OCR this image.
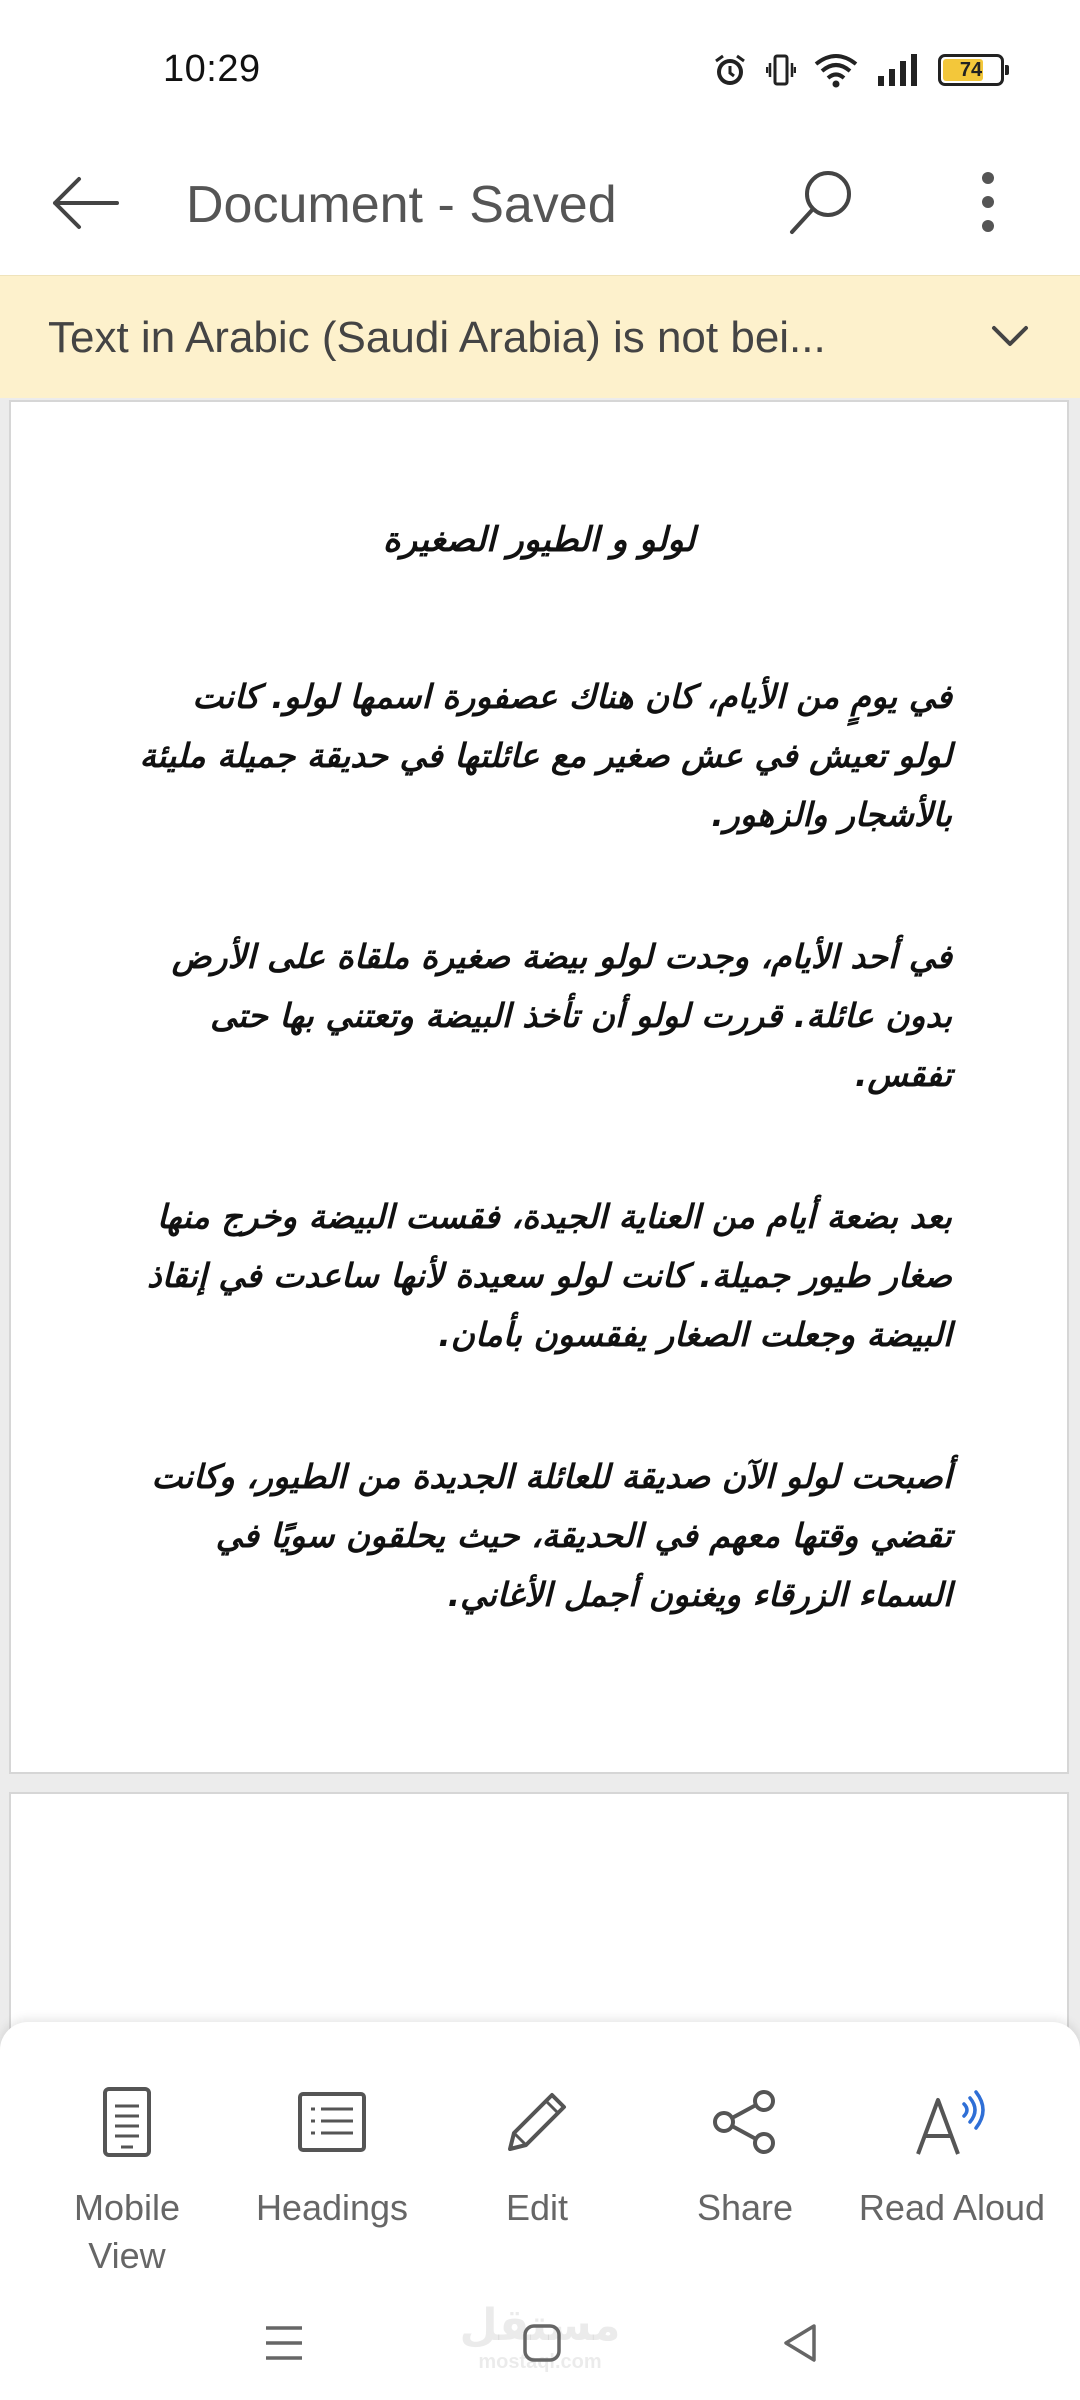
10:29	74
Document - Saved
Text in Arabic (Saudi Arabia) is not bei...
لولو و الطيور الصغيرة
في يومٍ من الأيام، كان هناك عصفورة اسمها لولو. كانت لولو تعيش في عش صغير مع عائلتها في حديقة جميلة مليئة بالأشجار والزهور.
في أحد الأيام، وجدت لولو بيضة صغيرة ملقاة على الأرض بدون عائلة. قررت لولو أن تأخذ البيضة وتعتني بها حتى تفقس.
بعد بضعة أيام من العناية الجيدة، فقست البيضة وخرج منها صغار طيور جميلة. كانت لولو سعيدة لأنها ساعدت في إنقاذ البيضة وجعلت الصغار يفقسون بأمان.
أصبحت لولو الآن صديقة للعائلة الجديدة من الطيور، وكانت تقضي وقتها معهم في الحديقة، حيث يحلقون سويًا في السماء الزرقاء ويغنون أجمل الأغاني.
Mobile
View
Headings	Edit	Share Read Aloud
مستقل
mostaql.com
